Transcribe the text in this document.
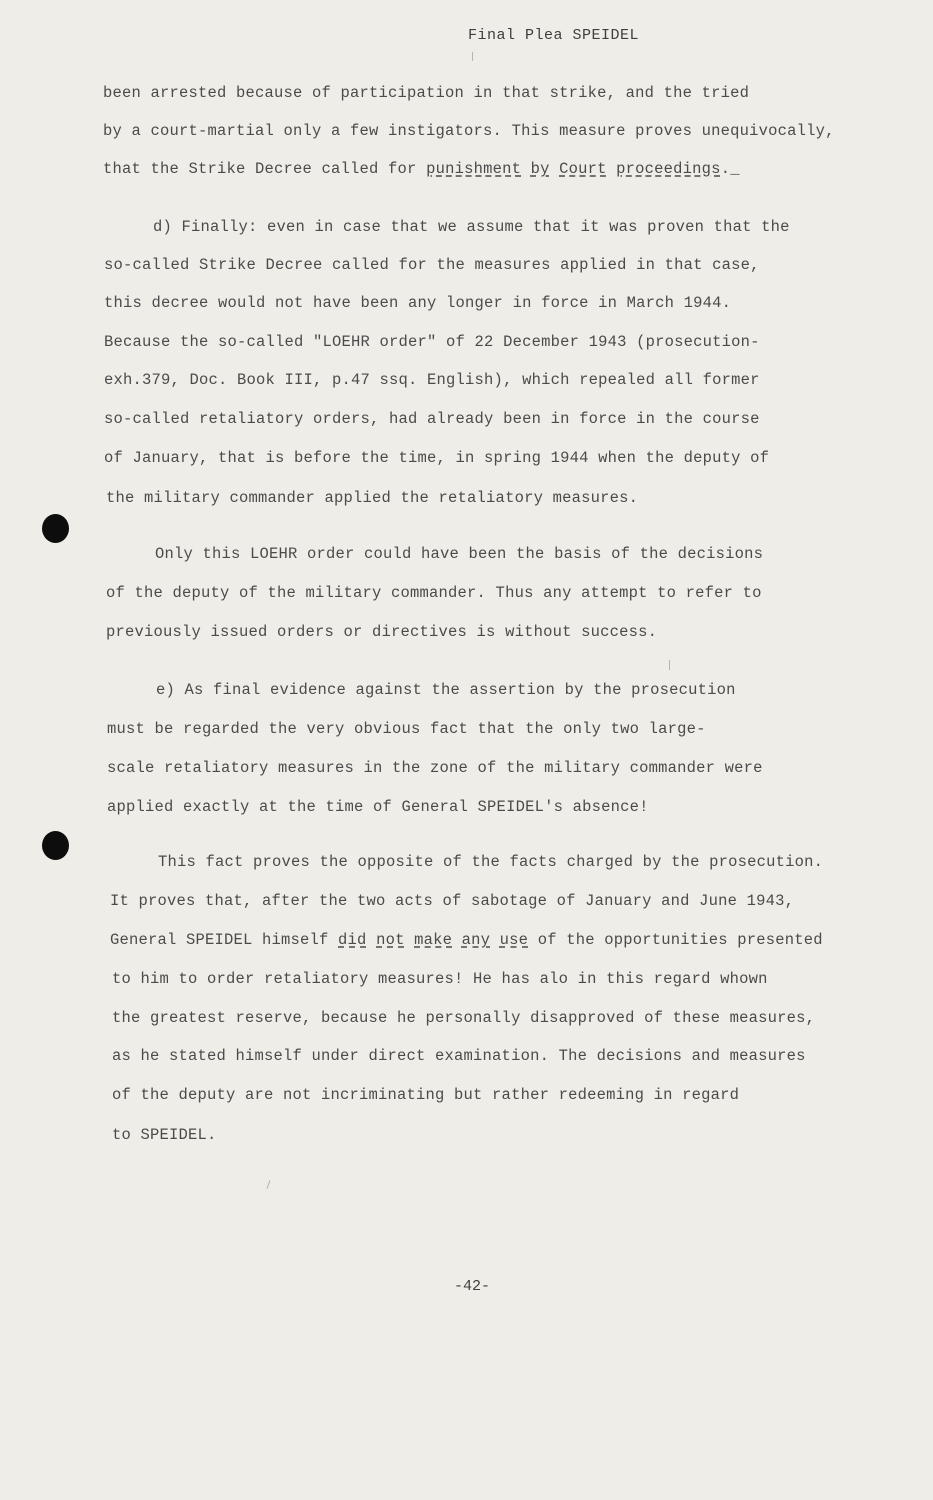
Final Plea SPEIDEL
been arrested because of participation in that strike, and the tried
by a court-martial only a few instigators. This measure proves unequivocally,
that the Strike Decree called for punishment by Court proceedings._
d) Finally: even in case that we assume that it was proven that the
so-called Strike Decree called for the measures applied in that case,
this decree would not have been any longer in force in March 1944.
Because the so-called "LOEHR order" of 22 December 1943 (prosecution-
exh.379, Doc. Book III, p.47 ssq. English), which repealed all former
so-called retaliatory orders, had already been in force in the course
of January, that is before the time, in spring 1944 when the deputy of
the military commander applied the retaliatory measures.
Only this LOEHR order could have been the basis of the decisions
of the deputy of the military commander. Thus any attempt to refer to
previously issued orders or directives is without success.
e) As final evidence against the assertion by the prosecution
must be regarded the very obvious fact that the only two large-
scale retaliatory measures in the zone of the military commander were
applied exactly at the time of General SPEIDEL's absence!
This fact proves the opposite of the facts charged by the prosecution.
It proves that, after the two acts of sabotage of January and June 1943,
General SPEIDEL himself did not make any use of the opportunities presented
to him to order retaliatory measures! He has alo in this regard whown
the greatest reserve, because he personally disapproved of these measures,
as he stated himself under direct examination. The decisions and measures
of the deputy are not incriminating but rather redeeming in regard
to SPEIDEL.
-42-
